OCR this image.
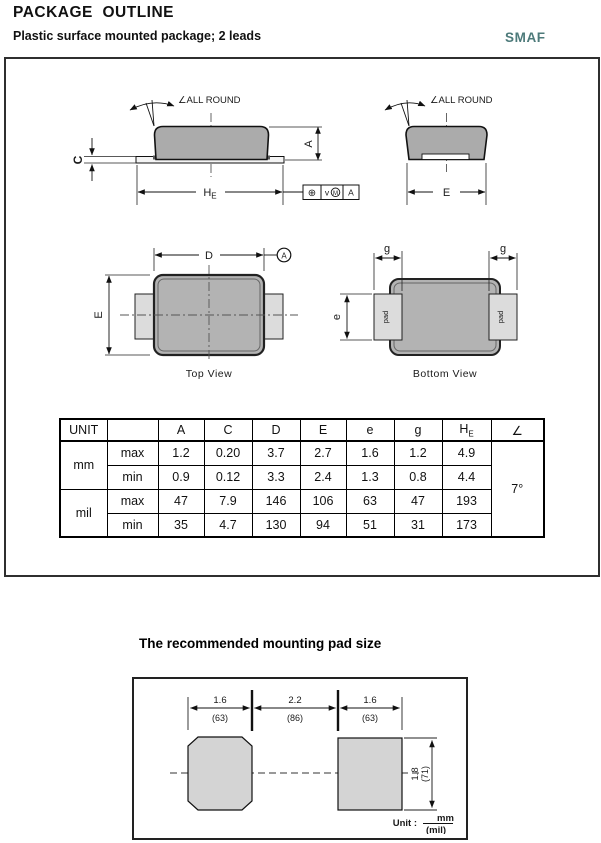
PACKAGE  OUTLINE
Plastic surface mounted package; 2 leads	SMAF
∠ALL ROUND
A
C
$H_E$	⊕ v M A
∠ALL ROUND
E
D	A
E
Top View
pad	pad
g	g
e
Bottom View
UNIT		A	C	D	E	e	g	$H_E$	∠
mm	max	1.2	0.20	3.7	2.7	1.6	1.2	4.9	7°
	min	0.9	0.12	3.3	2.4	1.3	0.8	4.4	
mil	max	47	7.9	146	106	63	47	193	
	min	35	4.7	130	94	51	31	173	
The recommended mounting pad size
1.6
(63)
2.2
(86)
1.6
(63)
1.8 (71)
Unit : mm
(mil)
